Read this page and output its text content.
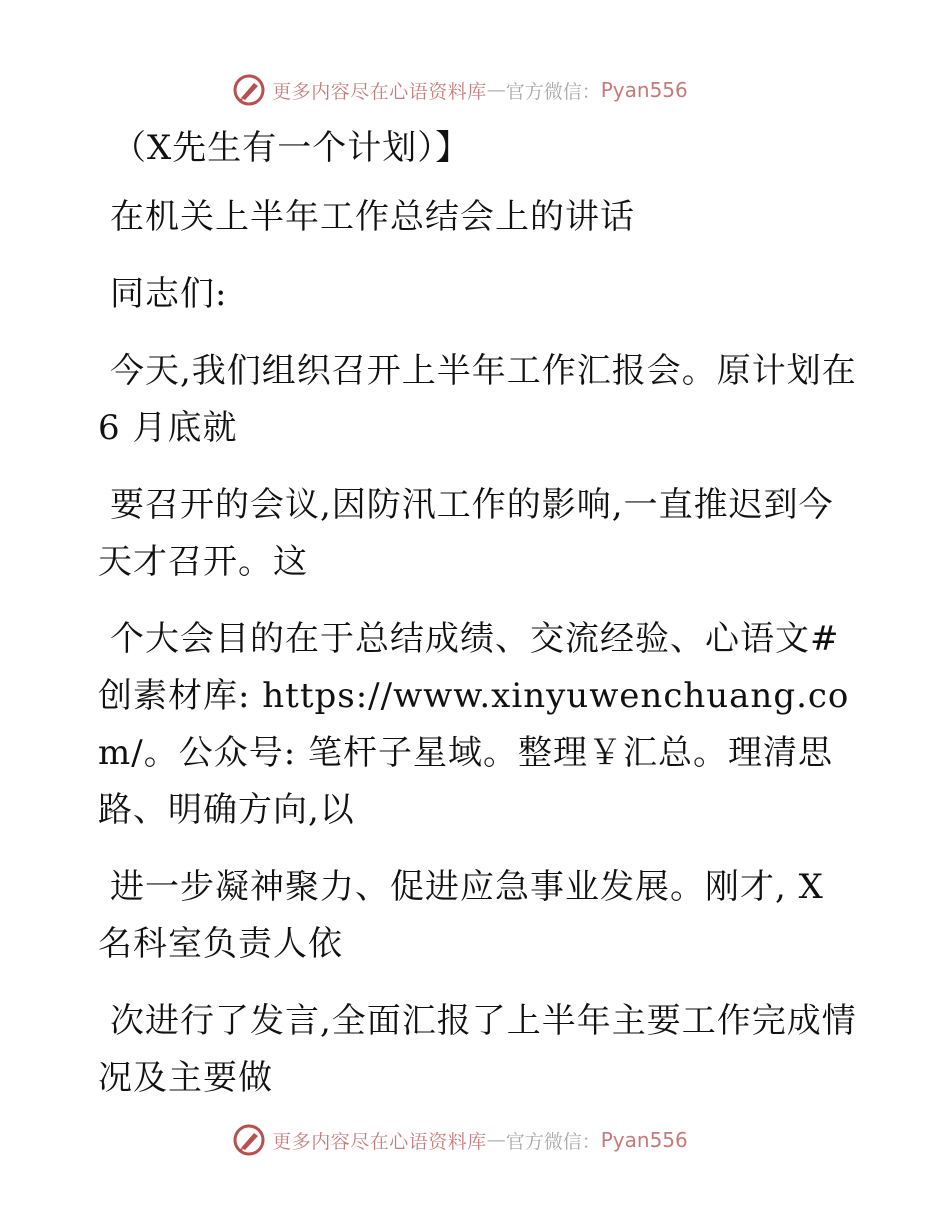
更多内容尽在心语资料库 — 官方微信： Pyan556

（X先生有一个计划）】

在机关上半年工作总结会上的讲话

同志们:

今天,我们组织召开上半年工作汇报会。原计划在6 月底就

要召开的会议,因防汛工作的影响,一直推迟到今天才召开。这

个大会目的在于总结成绩、交流经验、心语文#创素材库: https://www.xinyuwenchuang.com/。公众号: 笔杆子星域。整理￥汇总。理清思路、明确方向,以

进一步凝神聚力、促进应急事业发展。刚才, X名科室负责人依

次进行了发言,全面汇报了上半年主要工作完成情况及主要做

更多内容尽在心语资料库 — 官方微信： Pyan556
